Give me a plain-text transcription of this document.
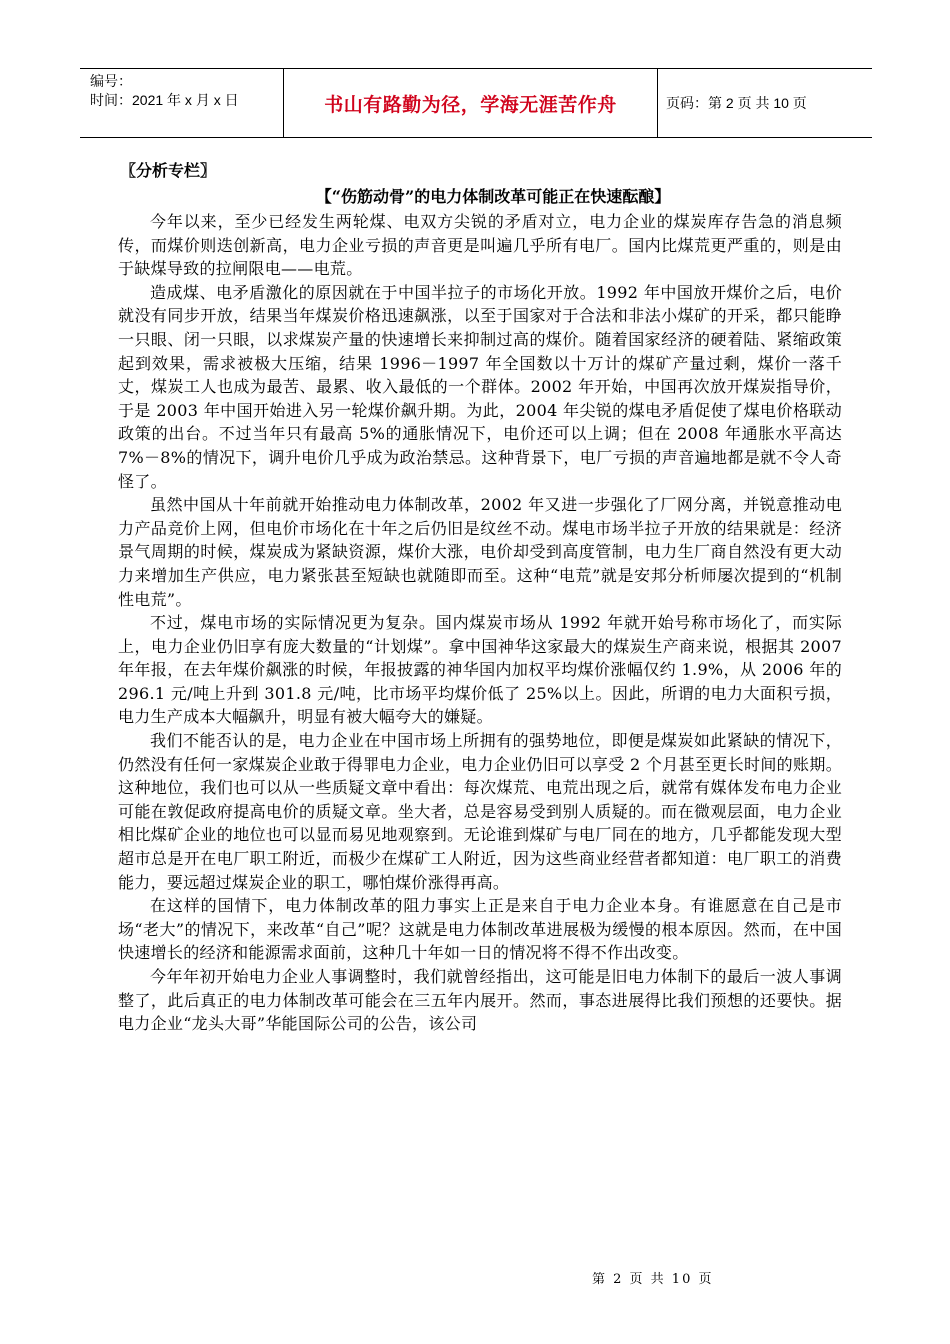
编号：
时间：2021 年 x 月 x 日	书山有路勤为径，学海无涯苦作舟	页码：第 2 页 共 10 页
〖分析专栏〗
【“伤筋动骨”的电力体制改革可能正在快速酝酿】

今年以来，至少已经发生两轮煤、电双方尖锐的矛盾对立，电力企业的煤炭库存告急的消息频传，而煤价则迭创新高，电力企业亏损的声音更是叫遍几乎所有电厂。国内比煤荒更严重的，则是由于缺煤导致的拉闸限电——电荒。

造成煤、电矛盾激化的原因就在于中国半拉子的市场化开放。1992 年中国放开煤价之后，电价就没有同步开放，结果当年煤炭价格迅速飙涨，以至于国家对于合法和非法小煤矿的开采，都只能睁一只眼、闭一只眼，以求煤炭产量的快速增长来抑制过高的煤价。随着国家经济的硬着陆、紧缩政策起到效果，需求被极大压缩，结果 1996－1997 年全国数以十万计的煤矿产量过剩，煤价一落千丈，煤炭工人也成为最苦、最累、收入最低的一个群体。2002 年开始，中国再次放开煤炭指导价，于是 2003 年中国开始进入另一轮煤价飙升期。为此，2004 年尖锐的煤电矛盾促使了煤电价格联动政策的出台。不过当年只有最高 5%的通胀情况下，电价还可以上调；但在 2008 年通胀水平高达 7%－8%的情况下，调升电价几乎成为政治禁忌。这种背景下，电厂亏损的声音遍地都是就不令人奇怪了。

虽然中国从十年前就开始推动电力体制改革，2002 年又进一步强化了厂网分离，并锐意推动电力产品竞价上网，但电价市场化在十年之后仍旧是纹丝不动。煤电市场半拉子开放的结果就是：经济景气周期的时候，煤炭成为紧缺资源，煤价大涨，电价却受到高度管制，电力生厂商自然没有更大动力来增加生产供应，电力紧张甚至短缺也就随即而至。这种“电荒”就是安邦分析师屡次提到的“机制性电荒”。

不过，煤电市场的实际情况更为复杂。国内煤炭市场从 1992 年就开始号称市场化了，而实际上，电力企业仍旧享有庞大数量的“计划煤”。拿中国神华这家最大的煤炭生产商来说，根据其 2007 年年报，在去年煤价飙涨的时候，年报披露的神华国内加权平均煤价涨幅仅约 1.9%，从 2006 年的 296.1 元/吨上升到 301.8 元/吨，比市场平均煤价低了 25%以上。因此，所谓的电力大面积亏损，电力生产成本大幅飙升，明显有被大幅夸大的嫌疑。

我们不能否认的是，电力企业在中国市场上所拥有的强势地位，即便是煤炭如此紧缺的情况下，仍然没有任何一家煤炭企业敢于得罪电力企业，电力企业仍旧可以享受 2 个月甚至更长时间的账期。这种地位，我们也可以从一些质疑文章中看出：每次煤荒、电荒出现之后，就常有媒体发布电力企业可能在敦促政府提高电价的质疑文章。坐大者，总是容易受到别人质疑的。而在微观层面，电力企业相比煤矿企业的地位也可以显而易见地观察到。无论谁到煤矿与电厂同在的地方，几乎都能发现大型超市总是开在电厂职工附近，而极少在煤矿工人附近，因为这些商业经营者都知道：电厂职工的消费能力，要远超过煤炭企业的职工，哪怕煤价涨得再高。

在这样的国情下，电力体制改革的阻力事实上正是来自于电力企业本身。有谁愿意在自己是市场“老大”的情况下，来改革“自己”呢？这就是电力体制改革进展极为缓慢的根本原因。然而，在中国快速增长的经济和能源需求面前，这种几十年如一日的情况将不得不作出改变。

今年年初开始电力企业人事调整时，我们就曾经指出，这可能是旧电力体制下的最后一波人事调整了，此后真正的电力体制改革可能会在三五年内展开。然而，事态进展得比我们预想的还要快。据电力企业“龙头大哥”华能国际公司的公告，该公司

第 2 页 共 10 页
